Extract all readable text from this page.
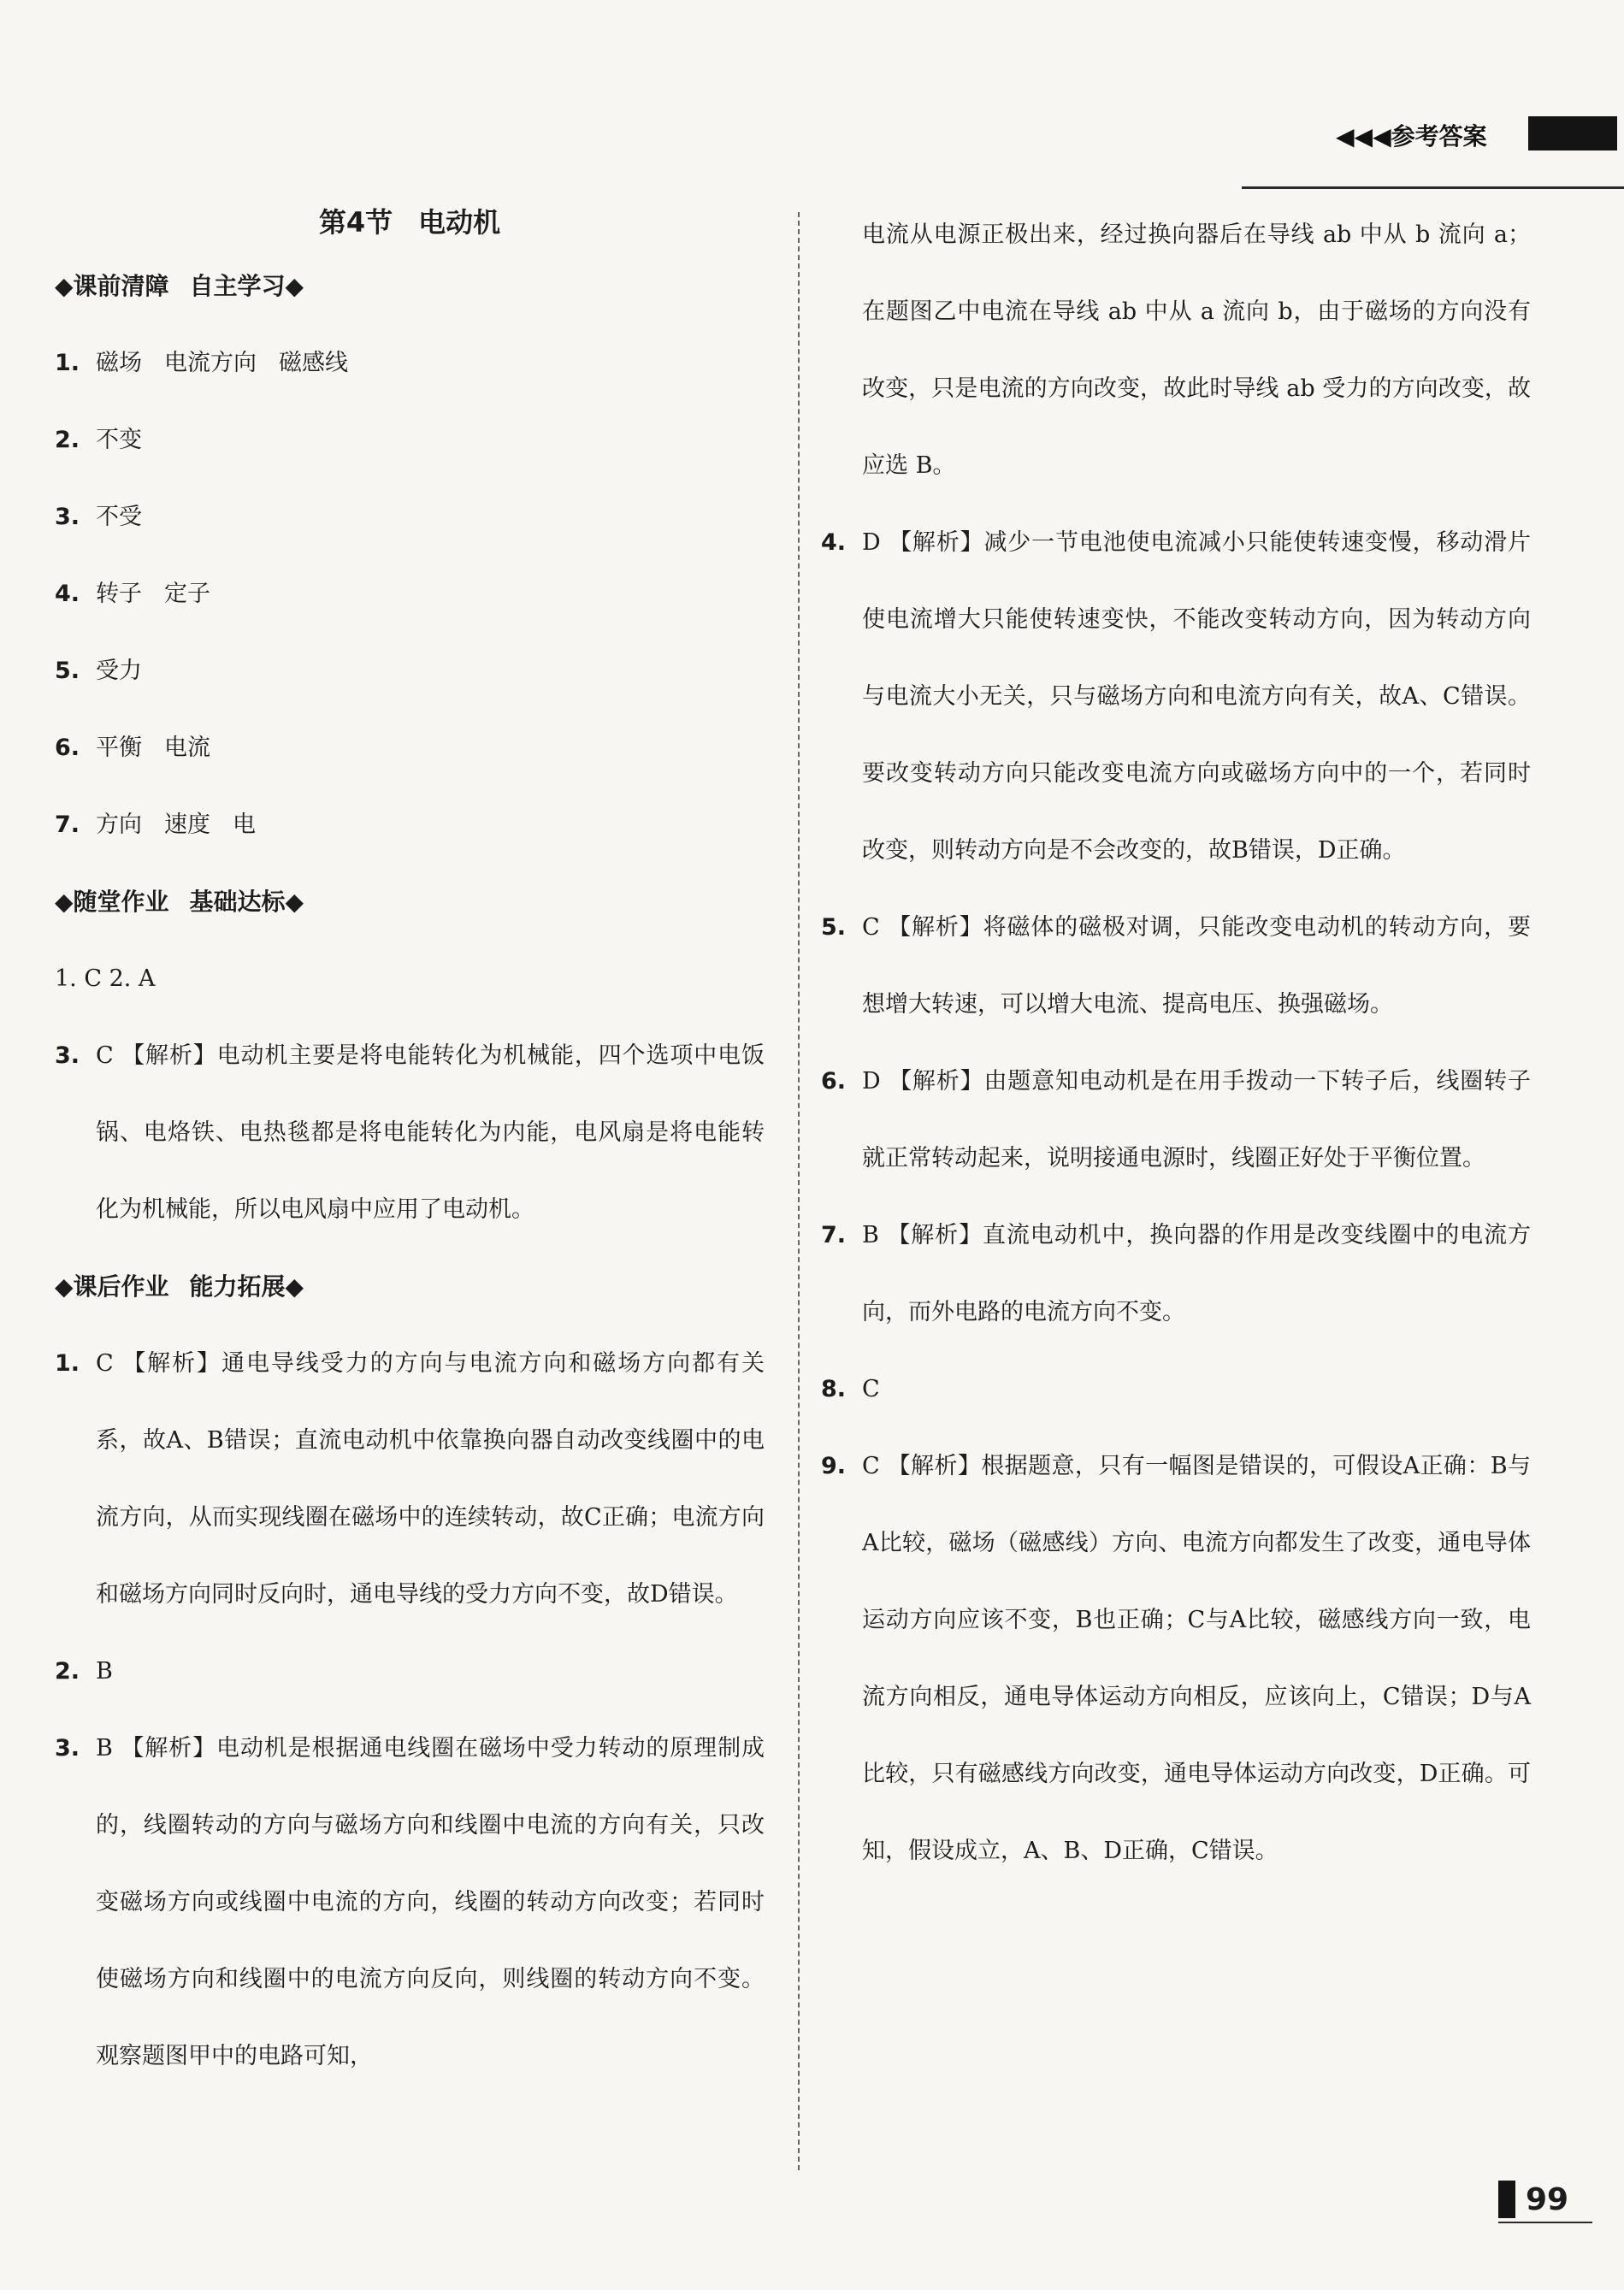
◀◀◀参考答案
第4节 电动机
◆课前清障 自主学习◆
1. 磁场 电流方向 磁感线
2. 不变
3. 不受
4. 转子 定子
5. 受力
6. 平衡 电流
7. 方向 速度 电
◆随堂作业 基础达标◆
1. C 2. A
3. C 【解析】电动机主要是将电能转化为机械能，四个选项中电饭锅、电烙铁、电热毯都是将电能转化为内能，电风扇是将电能转化为机械能，所以电风扇中应用了电动机。
◆课后作业 能力拓展◆
1. C 【解析】通电导线受力的方向与电流方向和磁场方向都有关系，故A、B错误；直流电动机中依靠换向器自动改变线圈中的电流方向，从而实现线圈在磁场中的连续转动，故C正确；电流方向和磁场方向同时反向时，通电导线的受力方向不变，故D错误。
2. B
3. B 【解析】电动机是根据通电线圈在磁场中受力转动的原理制成的，线圈转动的方向与磁场方向和线圈中电流的方向有关，只改变磁场方向或线圈中电流的方向，线圈的转动方向改变；若同时使磁场方向和线圈中的电流方向反向，则线圈的转动方向不变。观察题图甲中的电路可知，
电流从电源正极出来，经过换向器后在导线 ab 中从 b 流向 a；在题图乙中电流在导线 ab 中从 a 流向 b，由于磁场的方向没有改变，只是电流的方向改变，故此时导线 ab 受力的方向改变，故应选 B。
4. D 【解析】减少一节电池使电流减小只能使转速变慢，移动滑片使电流增大只能使转速变快，不能改变转动方向，因为转动方向与电流大小无关，只与磁场方向和电流方向有关，故A、C错误。要改变转动方向只能改变电流方向或磁场方向中的一个，若同时改变，则转动方向是不会改变的，故B错误，D正确。
5. C 【解析】将磁体的磁极对调，只能改变电动机的转动方向，要想增大转速，可以增大电流、提高电压、换强磁场。
6. D 【解析】由题意知电动机是在用手拨动一下转子后，线圈转子就正常转动起来，说明接通电源时，线圈正好处于平衡位置。
7. B 【解析】直流电动机中，换向器的作用是改变线圈中的电流方向，而外电路的电流方向不变。
8. C
9. C 【解析】根据题意，只有一幅图是错误的，可假设A正确：B与A比较，磁场（磁感线）方向、电流方向都发生了改变，通电导体运动方向应该不变，B也正确；C与A比较，磁感线方向一致，电流方向相反，通电导体运动方向相反，应该向上，C错误；D与A比较，只有磁感线方向改变，通电导体运动方向改变，D正确。可知，假设成立，A、B、D正确，C错误。
99
